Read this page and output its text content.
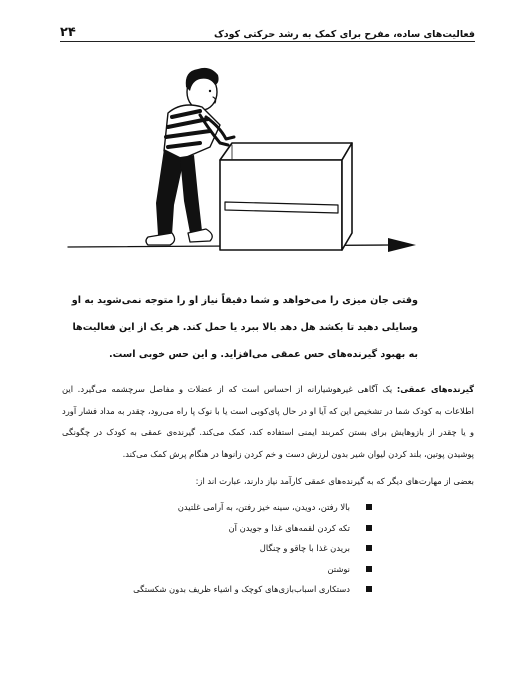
۲۴	فعالیت‌های ساده، مفرح برای کمک به رشد حرکتی کودک
وقتی جان میزی را می‌خواهد و شما دقیقاً نیاز او را متوجه نمی‌شوید به او
وسایلی دهید تا بکشد هل دهد بالا ببرد یا حمل کند. هر یک از این فعالیت‌ها
به بهبود گیرنده‌های حس عمقی می‌افزاید. و این حس خوبی است.
گیرنده‌های عمقی: یک آگاهی غیرهوشیارانه از احساس است که از عضلات و مفاصل سرچشمه می‌گیرد. این اطلاعات به کودک شما در تشخیص این که آیا او در حال پای‌کوبی است یا با نوک پا راه می‌رود، چقدر به مداد فشار آورد و یا چقدر از بازوهایش برای بستن کمربند ایمنی استفاده کند، کمک می‌کند. گیرنده‌ی عمقی به کودک در چگونگی پوشیدن پوتین، بلند کردن لیوان شیر بدون لرزش دست و خم کردن زانوها در هنگام پرش کمک می‌کند.
بعضی از مهارت‌های دیگر که به گیرنده‌های عمقی کارآمد نیاز دارند، عبارت اند از:
بالا رفتن، دویدن، سینه خیز رفتن، به آرامی غلتیدن
تکه کردن لقمه‌های غذا و جویدن آن
بریدن غذا با چاقو و چنگال
نوشتن
دستکاری اسباب‌بازی‌های کوچک و اشیاء ظریف بدون شکستگی
